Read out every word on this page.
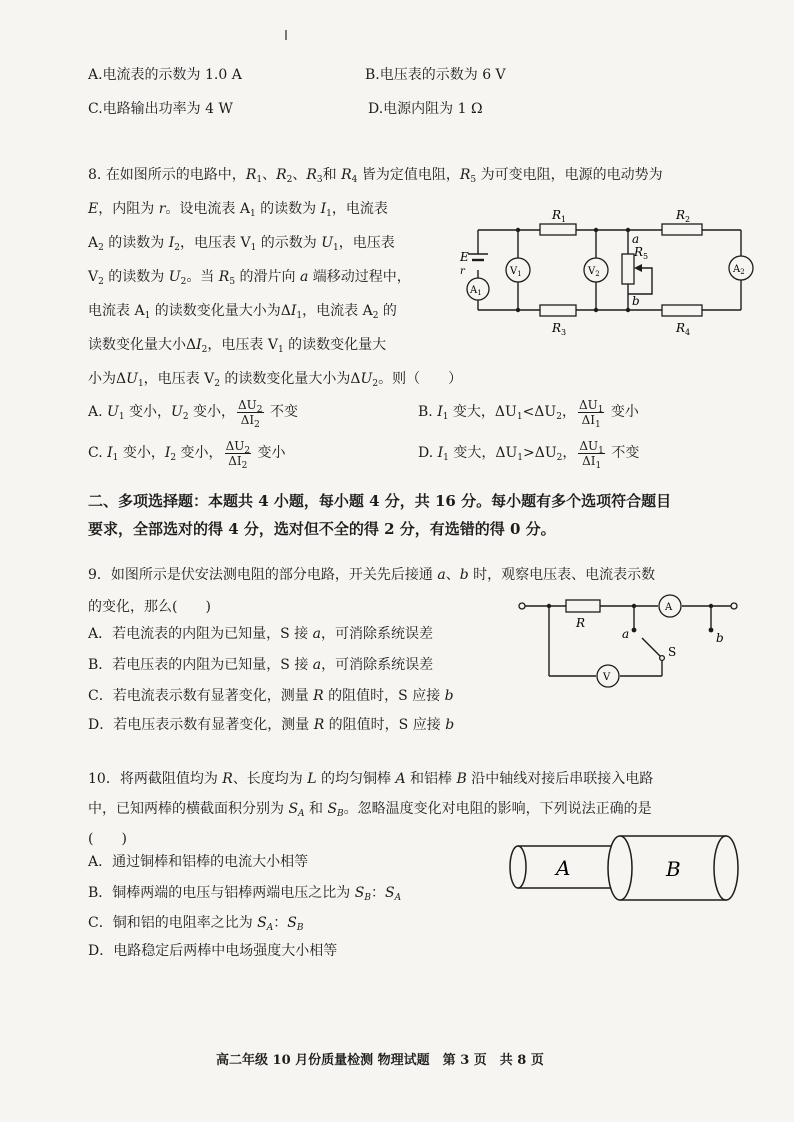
A.电流表的示数为 1.0 A	B.电压表的示数为 6 V
C.电路输出功率为 4 W	D.电源内阻为 1 Ω
8. 在如图所示的电路中，$R_1$、$R_2$、$R_3$和 $R_4$ 皆为定值电阻，$R_5$ 为可变电阻，电源的电动势为
E，内阻为 r。设电流表 $A_1$ 的读数为 $I_1$，电流表
$A_2$ 的读数为 $I_2$，电压表 $V_1$ 的示数为 $U_1$，电压表
$V_2$ 的读数为 $U_2$。当 $R_5$ 的滑片向 a 端移动过程中，
电流表 $A_1$ 的读数变化量大小为$\Delta I_1$，电流表 $A_2$ 的
读数变化量大小$\Delta I_2$，电压表 $V_1$ 的读数变化量大
小为$\Delta U_1$，电压表 $V_2$ 的读数变化量大小为$\Delta U_2$。则（　　）
A. $U_1$ 变小，$U_2$ 变小， $\frac{\Delta U_2}{\Delta I_2}$ 不变	B. $I_1$ 变大，$\Delta U_1<\Delta U_2$， $\frac{\Delta U_1}{\Delta I_1}$ 变小
C. $I_1$ 变小，$I_2$ 变小， $\frac{\Delta U_2}{\Delta I_2}$ 变小	D. $I_1$ 变大，$\Delta U_1>\Delta U_2$， $\frac{\Delta U_1}{\Delta I_1}$ 不变
$R_1$	$R_2$
$R_3$	$R_4$
$R_5$
a
b
E
r	$V_1$	$V_2$	$A_2$
$A_1$
二、多项选择题：本题共 4 小题，每小题 4 分，共 16 分。每小题有多个选项符合题目
要求，全部选对的得 4 分，选对但不全的得 2 分，有选错的得 0 分。
9．如图所示是伏安法测电阻的部分电路，开关先后接通 a、b 时，观察电压表、电流表示数
的变化，那么(　　)
A．若电流表的内阻为已知量，S 接 a，可消除系统误差
B．若电压表的内阻为已知量，S 接 a，可消除系统误差
C．若电流表示数有显著变化，测量 R 的阻值时，S 应接 b
D．若电压表示数有显著变化，测量 R 的阻值时，S 应接 b
R
A
V
a	b
S
10．将两截阻值均为 R、长度均为 L 的均匀铜棒 A 和铝棒 B 沿中轴线对接后串联接入电路
中，已知两棒的横截面积分别为 $S_A$ 和 $S_B$。忽略温度变化对电阻的影响，下列说法正确的是
(　　)
A．通过铜棒和铝棒的电流大小相等
B．铜棒两端的电压与铝棒两端电压之比为 $S_B$：$S_A$
C．铜和铝的电阻率之比为 $S_A$：$S_B$
D．电路稳定后两棒中电场强度大小相等
A	B
高二年级 10 月份质量检测 物理试题　第 3 页　共 8 页
